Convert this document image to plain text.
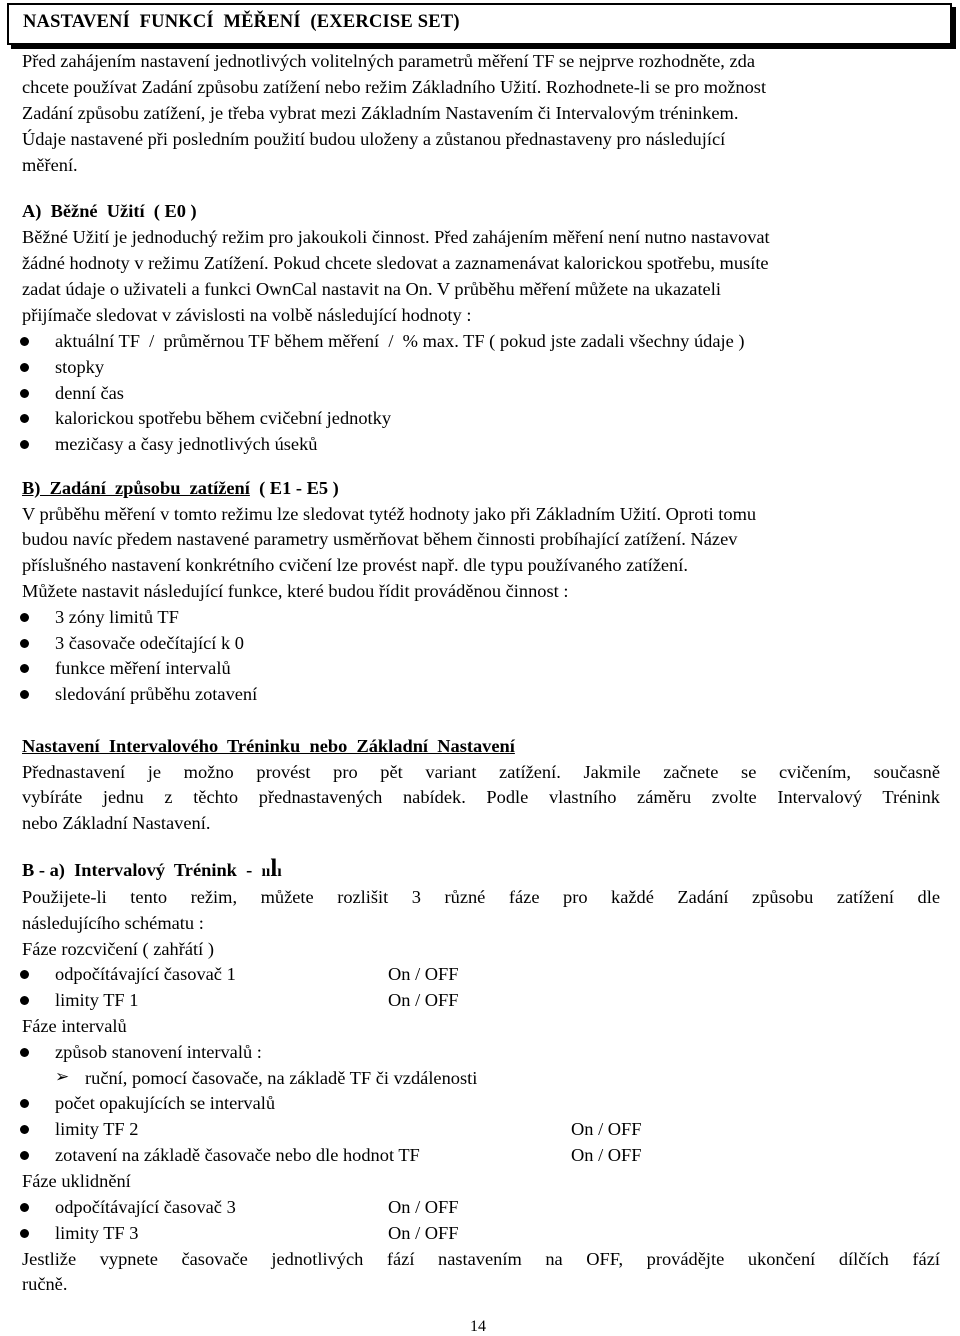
NASTAVENÍ  FUNKCÍ  MĚŘENÍ  (EXERCISE SET)
Před zahájením nastavení jednotlivých volitelných parametrů měření TF se nejprve rozhodněte, zda
chcete používat Zadání způsobu zatížení nebo režim Základního Užití. Rozhodnete-li se pro možnost
Zadání způsobu zatížení, je třeba vybrat mezi Základním Nastavením či Intervalovým tréninkem.
Údaje nastavené při posledním použití budou uloženy a zůstanou přednastaveny pro následující
měření.
A)  Běžné  Užití  ( E0 )
Běžné Užití je jednoduchý režim pro jakoukoli činnost. Před zahájením měření není nutno nastavovat
žádné hodnoty v režimu Zatížení. Pokud chcete sledovat a zaznamenávat kalorickou spotřebu, musíte
zadat údaje o uživateli a funkci OwnCal nastavit na On. V průběhu měření můžete na ukazateli
přijímače sledovat v závislosti na volbě následující hodnoty :
aktuální TF  /  průměrnou TF během měření  /  % max. TF ( pokud jste zadali všechny údaje )
stopky
denní čas
kalorickou spotřebu během cvičební jednotky
mezičasy a časy jednotlivých úseků
B)  Zadání  způsobu  zatížení  ( E1 - E5 )
V průběhu měření v tomto režimu lze sledovat tytéž hodnoty jako při Základním Užití. Oproti tomu
budou navíc předem nastavené parametry usměrňovat během činnosti probíhající zatížení. Název
příslušného nastavení konkrétního cvičení lze provést např. dle typu používaného zatížení.
Můžete nastavit následující funkce, které budou řídit prováděnou činnost :
3 zóny limitů TF
3 časovače odečítající k 0
funkce měření intervalů
sledování průběhu zotavení
Nastavení  Intervalového  Tréninku  nebo  Základní  Nastavení
Přednastavení je možno provést pro pět variant zatížení. Jakmile začnete se cvičením, současně
vybíráte jednu z těchto přednastavených nabídek. Podle vlastního záměru zvolte Intervalový Trénink
nebo Základní Nastavení.
B - a)  Intervalový  Trénink  - ıılı
Použijete-li tento režim, můžete rozlišit 3 různé fáze pro každé Zadání způsobu zatížení dle
následujícího schématu :
Fáze rozcvičení ( zahřátí )
odpočítávající časovač 1	On / OFF
limity TF 1	On / OFF
Fáze intervalů
způsob stanovení intervalů :
➢ ruční, pomocí časovače, na základě TF či vzdálenosti
počet opakujících se intervalů
limity TF 2	On / OFF
zotavení na základě časovače nebo dle hodnot TF	On / OFF
Fáze uklidnění
odpočítávající časovač 3	On / OFF
limity TF 3	On / OFF
Jestliže vypnete časovače jednotlivých fází nastavením na OFF, provádějte ukončení dílčích fází
ručně.
14
